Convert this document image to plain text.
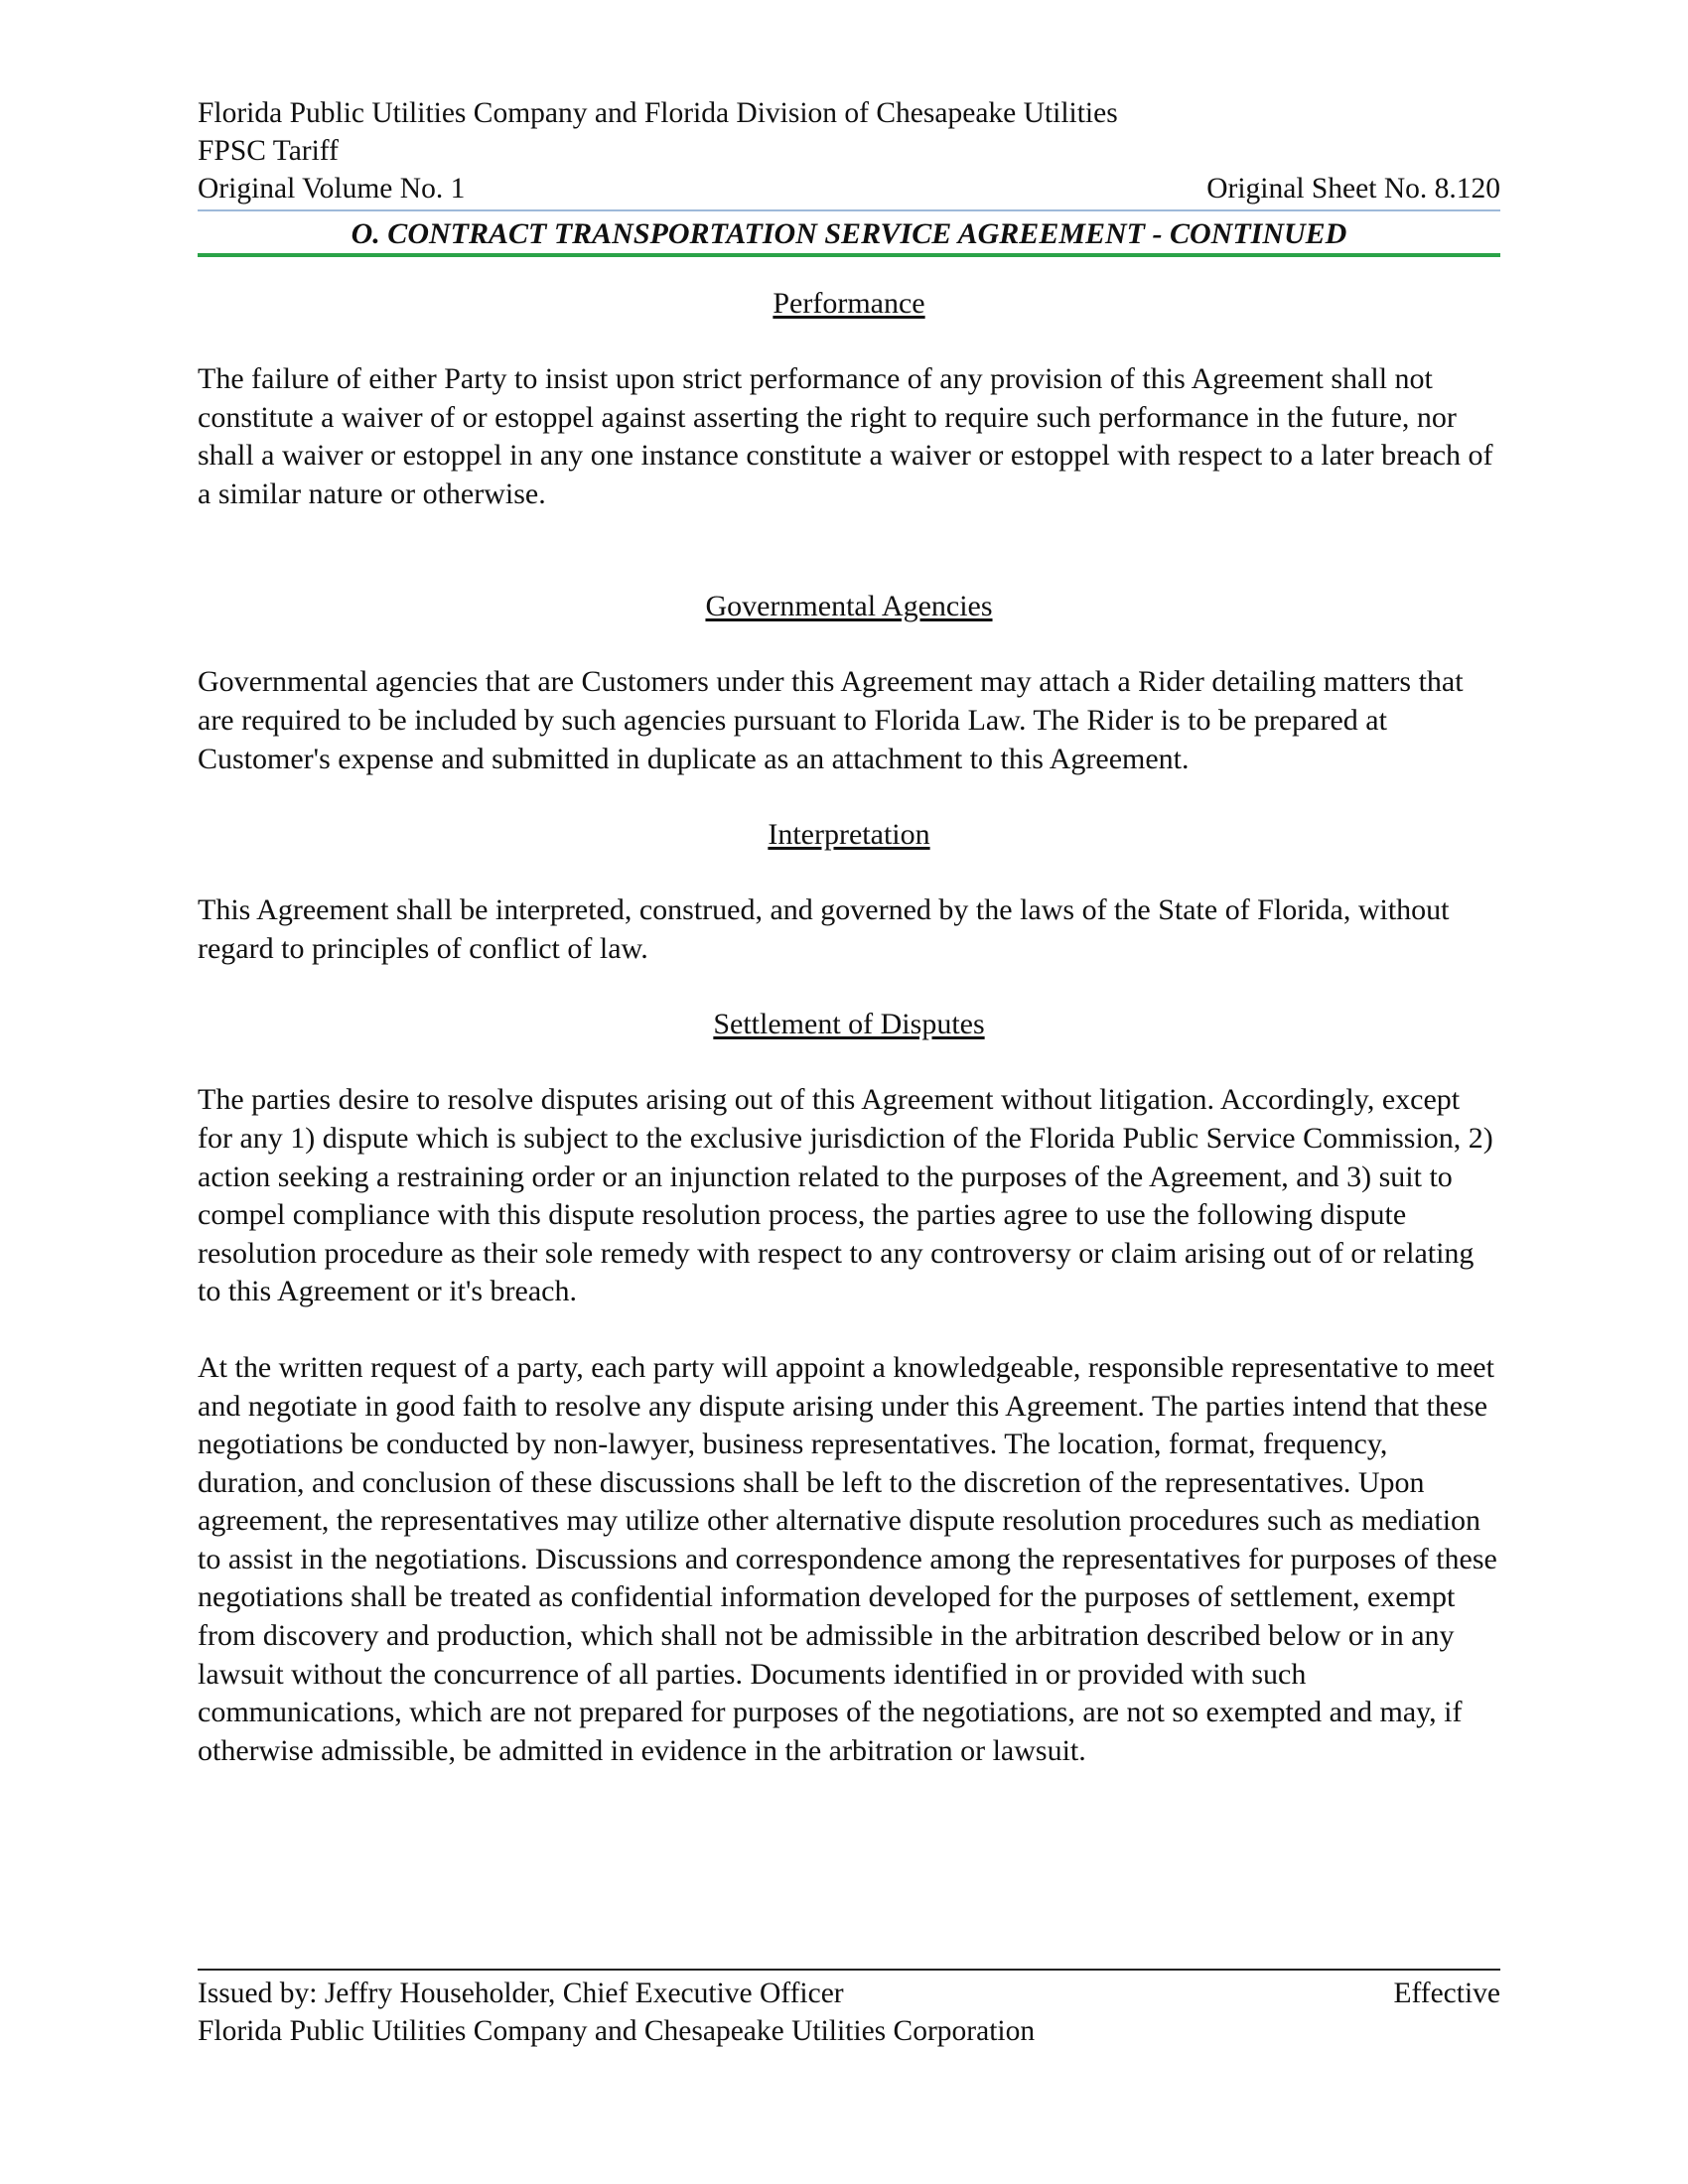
Florida Public Utilities Company and Florida Division of Chesapeake Utilities
FPSC Tariff
Original Volume No. 1	Original Sheet No. 8.120
O. CONTRACT TRANSPORTATION SERVICE AGREEMENT - CONTINUED
Performance

The failure of either Party to insist upon strict performance of any provision of this Agreement shall not constitute a waiver of or estoppel against asserting the right to require such performance in the future, nor shall a waiver or estoppel in any one instance constitute a waiver or estoppel with respect to a later breach of a similar nature or otherwise.

Governmental Agencies

Governmental agencies that are Customers under this Agreement may attach a Rider detailing matters that are required to be included by such agencies pursuant to Florida Law. The Rider is to be prepared at Customer's expense and submitted in duplicate as an attachment to this Agreement.

Interpretation

This Agreement shall be interpreted, construed, and governed by the laws of the State of Florida, without regard to principles of conflict of law.

Settlement of Disputes

The parties desire to resolve disputes arising out of this Agreement without litigation. Accordingly, except for any 1) dispute which is subject to the exclusive jurisdiction of the Florida Public Service Commission, 2) action seeking a restraining order or an injunction related to the purposes of the Agreement, and 3) suit to compel compliance with this dispute resolution process, the parties agree to use the following dispute resolution procedure as their sole remedy with respect to any controversy or claim arising out of or relating to this Agreement or it's breach.

At the written request of a party, each party will appoint a knowledgeable, responsible representative to meet and negotiate in good faith to resolve any dispute arising under this Agreement. The parties intend that these negotiations be conducted by non-lawyer, business representatives. The location, format, frequency, duration, and conclusion of these discussions shall be left to the discretion of the representatives. Upon agreement, the representatives may utilize other alternative dispute resolution procedures such as mediation to assist in the negotiations. Discussions and correspondence among the representatives for purposes of these negotiations shall be treated as confidential information developed for the purposes of settlement, exempt from discovery and production, which shall not be admissible in the arbitration described below or in any lawsuit without the concurrence of all parties. Documents identified in or provided with such communications, which are not prepared for purposes of the negotiations, are not so exempted and may, if otherwise admissible, be admitted in evidence in the arbitration or lawsuit.

Issued by: Jeffry Householder, Chief Executive Officer	Effective
Florida Public Utilities Company and Chesapeake Utilities Corporation
